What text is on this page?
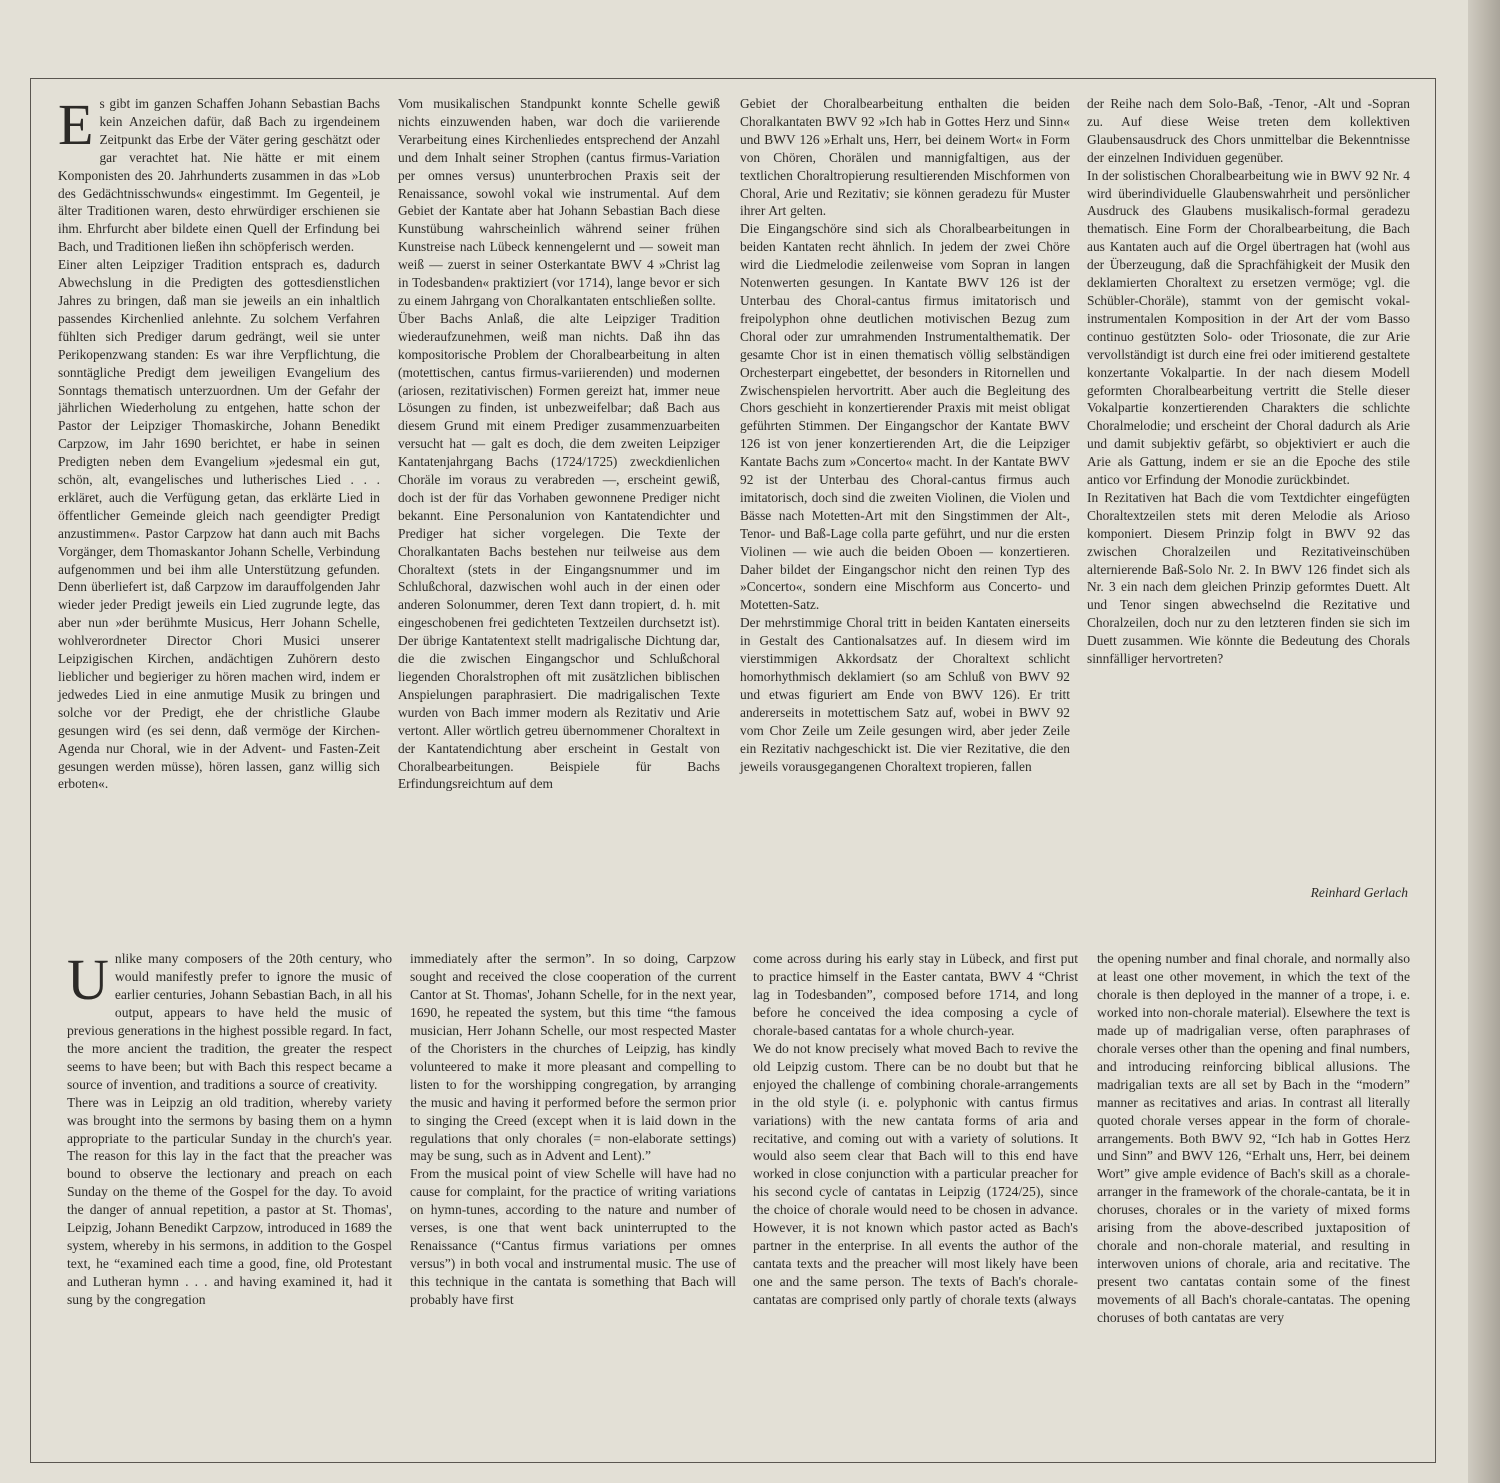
E s gibt im ganzen Schaffen Johann Sebastian Bachs kein Anzeichen dafür, daß Bach zu irgendeinem Zeitpunkt das Erbe der Väter gering geschätzt oder gar verachtet hat. Nie hätte er mit einem Komponisten des 20. Jahrhunderts zusammen in das »Lob des Gedächtnisschwunds« eingestimmt. Im Gegenteil, je älter Traditionen waren, desto ehrwürdiger erschienen sie ihm. Ehrfurcht aber bildete einen Quell der Erfindung bei Bach, und Traditionen ließen ihn schöpferisch werden.

Einer alten Leipziger Tradition entsprach es, dadurch Abwechslung in die Predigten des gottesdienstlichen Jahres zu bringen, daß man sie jeweils an ein inhaltlich passendes Kirchenlied anlehnte. Zu solchem Verfahren fühlten sich Prediger darum gedrängt, weil sie unter Perikopenzwang standen: Es war ihre Verpflichtung, die sonntägliche Predigt dem jeweiligen Evangelium des Sonntags thematisch unterzuordnen. Um der Gefahr der jährlichen Wiederholung zu entgehen, hatte schon der Pastor der Leipziger Thomaskirche, Johann Benedikt Carpzow, im Jahr 1690 berichtet, er habe in seinen Predigten neben dem Evangelium »jedesmal ein gut, schön, alt, evangelisches und lutherisches Lied . . . erkläret, auch die Verfügung getan, das erklärte Lied in öffentlicher Gemeinde gleich nach geendigter Predigt anzustimmen«. Pastor Carpzow hat dann auch mit Bachs Vorgänger, dem Thomaskantor Johann Schelle, Verbindung aufgenommen und bei ihm alle Unterstützung gefunden. Denn überliefert ist, daß Carpzow im darauffolgenden Jahr wieder jeder Predigt jeweils ein Lied zugrunde legte, das aber nun »der berühmte Musicus, Herr Johann Schelle, wohlverordneter Director Chori Musici unserer Leipzigischen Kirchen, andächtigen Zuhörern desto lieblicher und begieriger zu hören machen wird, indem er jedwedes Lied in eine anmutige Musik zu bringen und solche vor der Predigt, ehe der christliche Glaube gesungen wird (es sei denn, daß vermöge der Kirchen-Agenda nur Choral, wie in der Advent- und Fasten-Zeit gesungen werden müsse), hören lassen, ganz willig sich erboten«.

Vom musikalischen Standpunkt konnte Schelle gewiß nichts einzuwenden haben, war doch die variierende Verarbeitung eines Kirchenliedes entsprechend der Anzahl und dem Inhalt seiner Strophen (cantus firmus-Variation per omnes versus) ununterbrochen Praxis seit der Renaissance, sowohl vokal wie instrumental. Auf dem Gebiet der Kantate aber hat Johann Sebastian Bach diese Kunstübung wahrscheinlich während seiner frühen Kunstreise nach Lübeck kennengelernt und — soweit man weiß — zuerst in seiner Osterkantate BWV 4 »Christ lag in Todesbanden« praktiziert (vor 1714), lange bevor er sich zu einem Jahrgang von Choralkantaten entschließen sollte.

Über Bachs Anlaß, die alte Leipziger Tradition wiederaufzunehmen, weiß man nichts. Daß ihn das kompositorische Problem der Choralbearbeitung in alten (motettischen, cantus firmus-variierenden) und modernen (ariosen, rezitativischen) Formen gereizt hat, immer neue Lösungen zu finden, ist unbezweifelbar; daß Bach aus diesem Grund mit einem Prediger zusammenzuarbeiten versucht hat — galt es doch, die dem zweiten Leipziger Kantatenjahrgang Bachs (1724/1725) zweckdienlichen Choräle im voraus zu verabreden —, erscheint gewiß, doch ist der für das Vorhaben gewonnene Prediger nicht bekannt. Eine Personalunion von Kantatendichter und Prediger hat sicher vorgelegen. Die Texte der Choralkantaten Bachs bestehen nur teilweise aus dem Choraltext (stets in der Eingangsnummer und im Schlußchoral, dazwischen wohl auch in der einen oder anderen Solonummer, deren Text dann tropiert, d. h. mit eingeschobenen frei gedichteten Textzeilen durchsetzt ist). Der übrige Kantatentext stellt madrigalische Dichtung dar, die die zwischen Eingangschor und Schlußchoral liegenden Choralstrophen oft mit zusätzlichen biblischen Anspielungen paraphrasiert. Die madrigalischen Texte wurden von Bach immer modern als Rezitativ und Arie vertont. Aller wörtlich getreu übernommener Choraltext in der Kantatendichtung aber erscheint in Gestalt von Choralbearbeitungen. Beispiele für Bachs Erfindungsreichtum auf dem

Gebiet der Choralbearbeitung enthalten die beiden Choralkantaten BWV 92 »Ich hab in Gottes Herz und Sinn« und BWV 126 »Erhalt uns, Herr, bei deinem Wort« in Form von Chören, Chorälen und mannigfaltigen, aus der textlichen Choraltropierung resultierenden Mischformen von Choral, Arie und Rezitativ; sie können geradezu für Muster ihrer Art gelten.

Die Eingangschöre sind sich als Choralbearbeitungen in beiden Kantaten recht ähnlich. In jedem der zwei Chöre wird die Liedmelodie zeilenweise vom Sopran in langen Notenwerten gesungen. In Kantate BWV 126 ist der Unterbau des Choral-cantus firmus imitatorisch und freipolyphon ohne deutlichen motivischen Bezug zum Choral oder zur umrahmenden Instrumentalthematik. Der gesamte Chor ist in einen thematisch völlig selbständigen Orchesterpart eingebettet, der besonders in Ritornellen und Zwischenspielen hervortritt. Aber auch die Begleitung des Chors geschieht in konzertierender Praxis mit meist obligat geführten Stimmen. Der Eingangschor der Kantate BWV 126 ist von jener konzertierenden Art, die die Leipziger Kantate Bachs zum »Concerto« macht. In der Kantate BWV 92 ist der Unterbau des Choral-cantus firmus auch imitatorisch, doch sind die zweiten Violinen, die Violen und Bässe nach Motetten-Art mit den Singstimmen der Alt-, Tenor- und Baß-Lage colla parte geführt, und nur die ersten Violinen — wie auch die beiden Oboen — konzertieren. Daher bildet der Eingangschor nicht den reinen Typ des »Concerto«, sondern eine Mischform aus Concerto- und Motetten-Satz.

Der mehrstimmige Choral tritt in beiden Kantaten einerseits in Gestalt des Cantionalsatzes auf. In diesem wird im vierstimmigen Akkordsatz der Choraltext schlicht homorhythmisch deklamiert (so am Schluß von BWV 92 und etwas figuriert am Ende von BWV 126). Er tritt andererseits in motettischem Satz auf, wobei in BWV 92 vom Chor Zeile um Zeile gesungen wird, aber jeder Zeile ein Rezitativ nachgeschickt ist. Die vier Rezitative, die den jeweils vorausgegangenen Choraltext tropieren, fallen

der Reihe nach dem Solo-Baß, -Tenor, -Alt und -Sopran zu. Auf diese Weise treten dem kollektiven Glaubensausdruck des Chors unmittelbar die Bekenntnisse der einzelnen Individuen gegenüber.

In der solistischen Choralbearbeitung wie in BWV 92 Nr. 4 wird überindividuelle Glaubenswahrheit und persönlicher Ausdruck des Glaubens musikalisch-formal geradezu thematisch. Eine Form der Choralbearbeitung, die Bach aus Kantaten auch auf die Orgel übertragen hat (wohl aus der Überzeugung, daß die Sprachfähigkeit der Musik den deklamierten Choraltext zu ersetzen vermöge; vgl. die Schübler-Choräle), stammt von der gemischt vokal-instrumentalen Komposition in der Art der vom Basso continuo gestützten Solo- oder Triosonate, die zur Arie vervollständigt ist durch eine frei oder imitierend gestaltete konzertante Vokalpartie. In der nach diesem Modell geformten Choralbearbeitung vertritt die Stelle dieser Vokalpartie konzertierenden Charakters die schlichte Choralmelodie; und erscheint der Choral dadurch als Arie und damit subjektiv gefärbt, so objektiviert er auch die Arie als Gattung, indem er sie an die Epoche des stile antico vor Erfindung der Monodie zurückbindet.

In Rezitativen hat Bach die vom Textdichter eingefügten Choraltextzeilen stets mit deren Melodie als Arioso komponiert. Diesem Prinzip folgt in BWV 92 das zwischen Choralzeilen und Rezitativeinschüben alternierende Baß-Solo Nr. 2. In BWV 126 findet sich als Nr. 3 ein nach dem gleichen Prinzip geformtes Duett. Alt und Tenor singen abwechselnd die Rezitative und Choralzeilen, doch nur zu den letzteren finden sie sich im Duett zusammen. Wie könnte die Bedeutung des Chorals sinnfälliger hervortreten?

Reinhard Gerlach
U nlike many composers of the 20th century, who would manifestly prefer to ignore the music of earlier centuries, Johann Sebastian Bach, in all his output, appears to have held the music of previous generations in the highest possible regard. In fact, the more ancient the tradition, the greater the respect seems to have been; but with Bach this respect became a source of invention, and traditions a source of creativity.

There was in Leipzig an old tradition, whereby variety was brought into the sermons by basing them on a hymn appropriate to the particular Sunday in the church's year. The reason for this lay in the fact that the preacher was bound to observe the lectionary and preach on each Sunday on the theme of the Gospel for the day. To avoid the danger of annual repetition, a pastor at St. Thomas', Leipzig, Johann Benedikt Carpzow, introduced in 1689 the system, whereby in his sermons, in addition to the Gospel text, he “examined each time a good, fine, old Protestant and Lutheran hymn . . . and having examined it, had it sung by the congregation

immediately after the sermon”. In so doing, Carpzow sought and received the close cooperation of the current Cantor at St. Thomas', Johann Schelle, for in the next year, 1690, he repeated the system, but this time “the famous musician, Herr Johann Schelle, our most respected Master of the Choristers in the churches of Leipzig, has kindly volunteered to make it more pleasant and compelling to listen to for the worshipping congregation, by arranging the music and having it performed before the sermon prior to singing the Creed (except when it is laid down in the regulations that only chorales (= non-elaborate settings) may be sung, such as in Advent and Lent).”

From the musical point of view Schelle will have had no cause for complaint, for the practice of writing variations on hymn-tunes, according to the nature and number of verses, is one that went back uninterrupted to the Renaissance (“Cantus firmus variations per omnes versus”) in both vocal and instrumental music. The use of this technique in the cantata is something that Bach will probably have first

come across during his early stay in Lübeck, and first put to practice himself in the Easter cantata, BWV 4 “Christ lag in Todesbanden”, composed before 1714, and long before he conceived the idea composing a cycle of chorale-based cantatas for a whole church-year.

We do not know precisely what moved Bach to revive the old Leipzig custom. There can be no doubt but that he enjoyed the challenge of combining chorale-arrangements in the old style (i. e. polyphonic with cantus firmus variations) with the new cantata forms of aria and recitative, and coming out with a variety of solutions. It would also seem clear that Bach will to this end have worked in close conjunction with a particular preacher for his second cycle of cantatas in Leipzig (1724/25), since the choice of chorale would need to be chosen in advance. However, it is not known which pastor acted as Bach's partner in the enterprise. In all events the author of the cantata texts and the preacher will most likely have been one and the same person. The texts of Bach's chorale-cantatas are comprised only partly of chorale texts (always

the opening number and final chorale, and normally also at least one other movement, in which the text of the chorale is then deployed in the manner of a trope, i. e. worked into non-chorale material). Elsewhere the text is made up of madrigalian verse, often paraphrases of chorale verses other than the opening and final numbers, and introducing reinforcing biblical allusions. The madrigalian texts are all set by Bach in the “modern” manner as recitatives and arias. In contrast all literally quoted chorale verses appear in the form of chorale-arrangements. Both BWV 92, “Ich hab in Gottes Herz und Sinn” and BWV 126, “Erhalt uns, Herr, bei deinem Wort” give ample evidence of Bach's skill as a chorale-arranger in the framework of the chorale-cantata, be it in choruses, chorales or in the variety of mixed forms arising from the above-described juxtaposition of chorale and non-chorale material, and resulting in interwoven unions of chorale, aria and recitative. The present two cantatas contain some of the finest movements of all Bach's chorale-cantatas. The opening choruses of both cantatas are very
